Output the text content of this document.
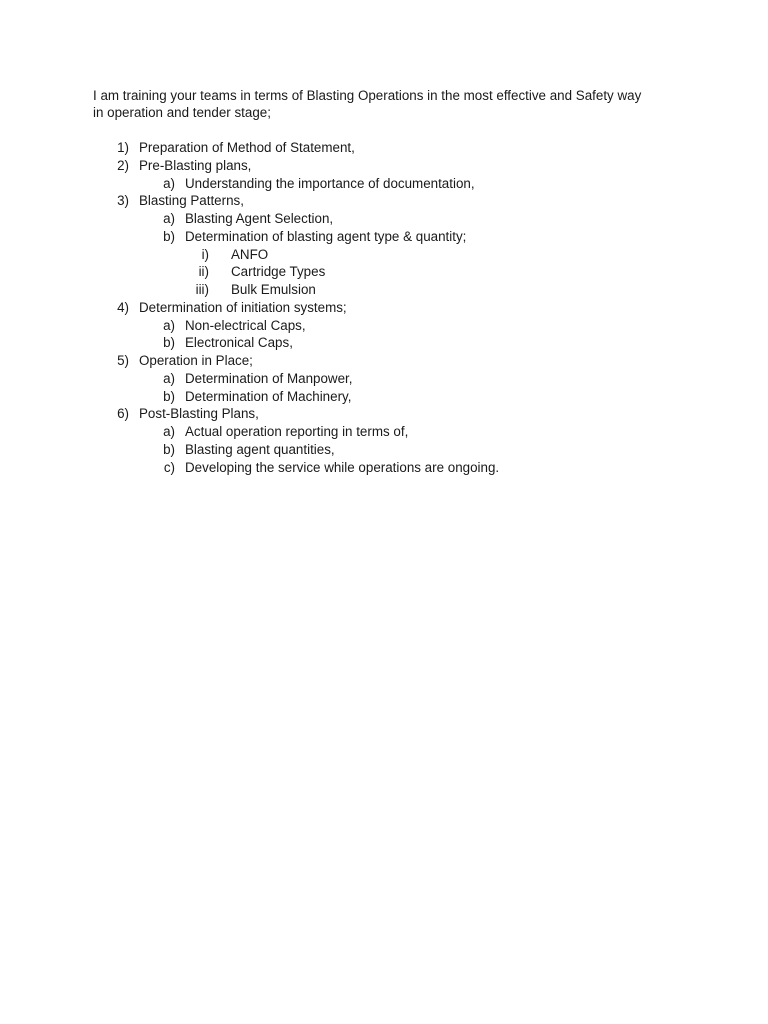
I am training your teams in terms of Blasting Operations in the most effective and Safety way
in operation and tender stage;
1) Preparation of Method of Statement,
2) Pre-Blasting plans,
a) Understanding the importance of documentation,
3) Blasting Patterns,
a) Blasting Agent Selection,
b) Determination of blasting agent type & quantity;
i) ANFO
ii) Cartridge Types
iii) Bulk Emulsion
4) Determination of initiation systems;
a) Non-electrical Caps,
b) Electronical Caps,
5) Operation in Place;
a) Determination of Manpower,
b) Determination of Machinery,
6) Post-Blasting Plans,
a) Actual operation reporting in terms of,
b) Blasting agent quantities,
c) Developing the service while operations are ongoing.
